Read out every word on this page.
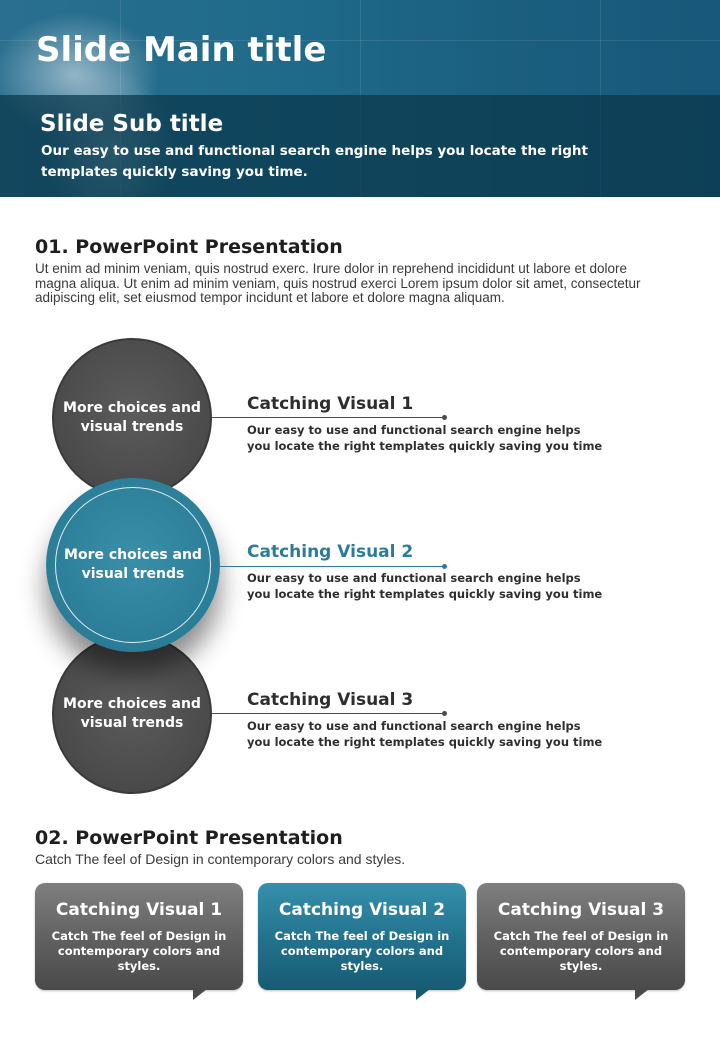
Slide Main title
Slide Sub title
Our easy to use and functional search engine helps you locate the right templates quickly saving you time.
01. PowerPoint Presentation
Ut enim ad minim veniam, quis nostrud exerc. Irure dolor in reprehend incididunt ut labore et dolore magna aliqua. Ut enim ad minim veniam, quis nostrud exerci Lorem ipsum dolor sit amet, consectetur adipiscing elit, set eiusmod tempor incidunt et labore et dolore magna aliquam.
More choices and visual trends
Catching Visual 1
Our easy to use and functional search engine helps you locate the right templates quickly saving you time
More choices and visual trends
Catching Visual 3
Our easy to use and functional search engine helps you locate the right templates quickly saving you time
More choices and visual trends
Catching Visual 2
Our easy to use and functional search engine helps you locate the right templates quickly saving you time
02. PowerPoint Presentation
Catch The feel of Design in contemporary colors and styles.
Catching Visual 1
Catch The feel of Design in contemporary colors and styles.
Catching Visual 2
Catch The feel of Design in contemporary colors and styles.
Catching Visual 3
Catch The feel of Design in contemporary colors and styles.
